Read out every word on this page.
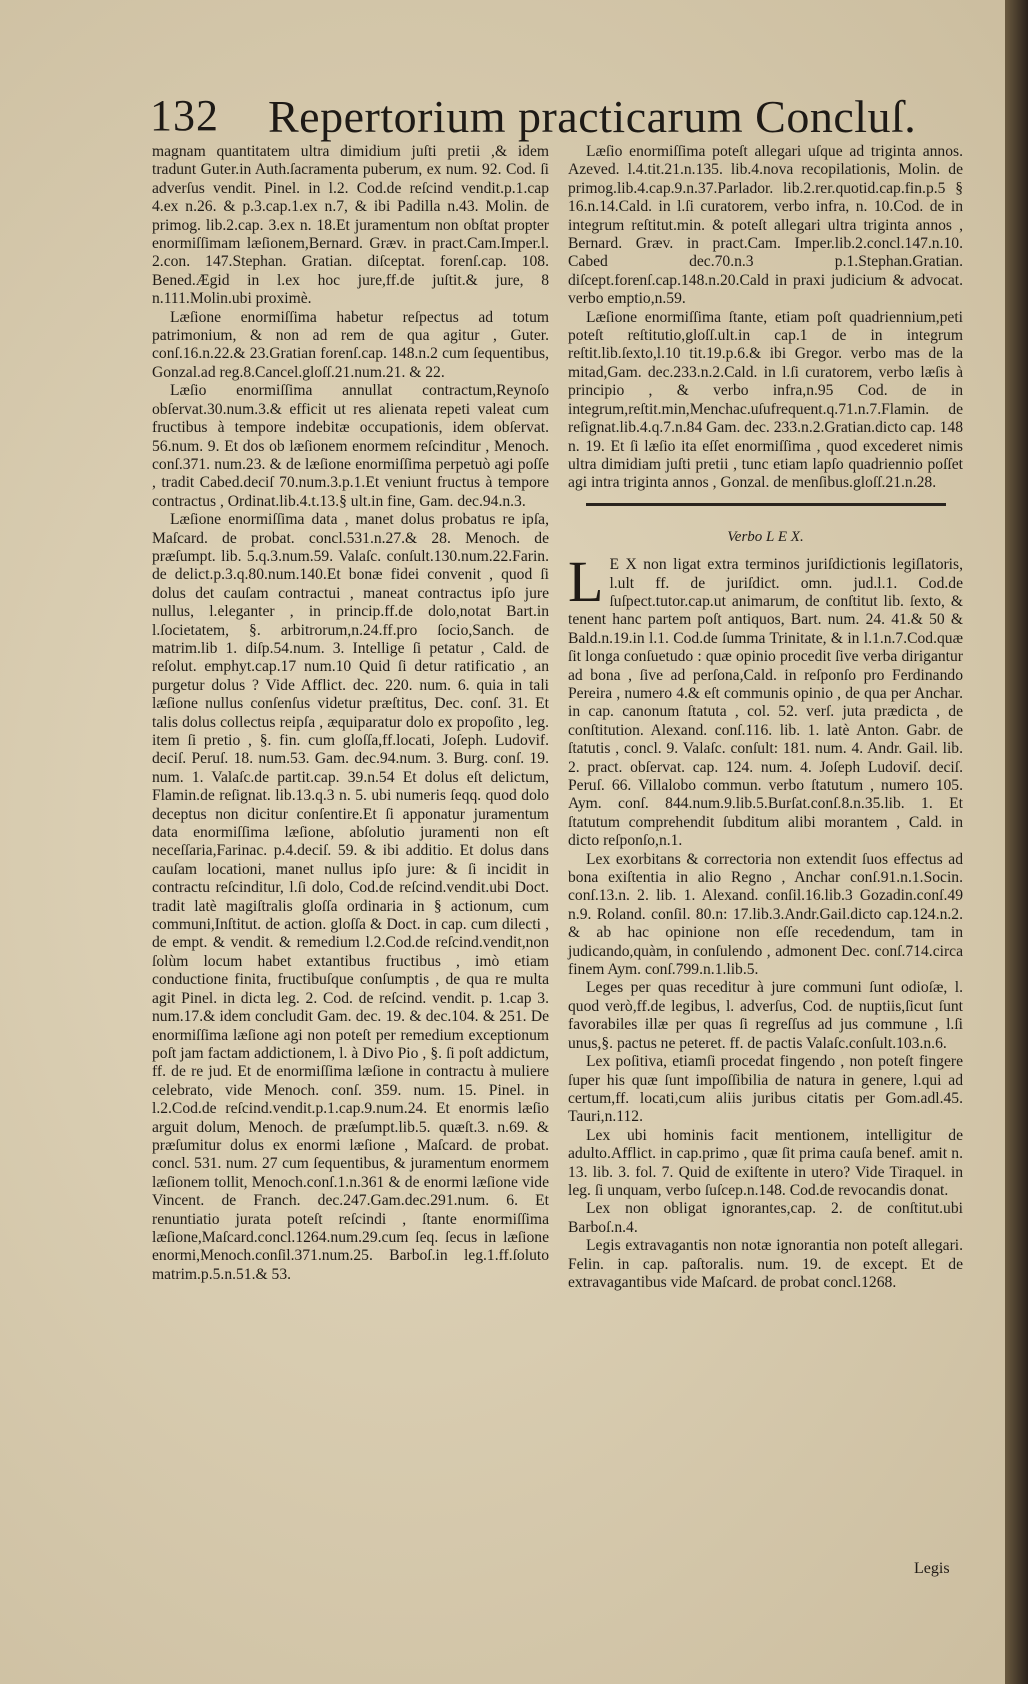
132 Repertorium practicarum Concluſ.

magnam quantitatem ultra dimidium juſti pretii ,& idem tradunt Guter.in Auth.ſacramenta puberum, ex num. 92. Cod. ſi adverſus vendit. Pinel. in l.2. Cod.de reſcind vendit.p.1.cap 4.ex n.26. & p.3.cap.1.ex n.7, & ibi Padilla n.43. Molin. de primog. lib.2.cap. 3.ex n. 18.Et juramentum non obſtat propter enormiſſimam læſionem,Bernard. Græv. in pract.Cam.Imper.l. 2.con. 147.Stephan. Gratian. diſceptat. forenſ.cap. 108. Bened.Ægid in l.ex hoc jure,ff.de juſtit.& jure, 8 n.111.Molin.ubi proximè.

Læſione enormiſſima habetur reſpectus ad totum patrimonium, & non ad rem de qua agitur , Guter. conſ.16.n.22.& 23.Gratian forenſ.cap. 148.n.2 cum ſequentibus, Gonzal.ad reg.8.Cancel.gloſſ.21.num.21. & 22.

Læſio enormiſſima annullat contractum,Reynoſo obſervat.30.num.3.& efficit ut res alienata repeti valeat cum fructibus à tempore indebitæ occupationis, idem obſervat. 56.num. 9. Et dos ob læſionem enormem reſcinditur , Menoch. conſ.371. num.23. & de læſione enormiſſima perpetuò agi poſſe , tradit Cabed.deciſ 70.num.3.p.1.Et veniunt fructus à tempore contractus , Ordinat.lib.4.t.13.§ ult.in fine, Gam. dec.94.n.3.

Læſione enormiſſima data , manet dolus probatus re ipſa, Maſcard. de probat. concl.531.n.27.& 28. Menoch. de præſumpt. lib. 5.q.3.num.59. Valaſc. conſult.130.num.22.Farin. de delict.p.3.q.80.num.140.Et bonæ fidei convenit , quod ſi dolus det cauſam contractui , maneat contractus ipſo jure nullus, l.eleganter , in princip.ff.de dolo,notat Bart.in l.ſocietatem, §. arbitrorum,n.24.ff.pro ſocio,Sanch. de matrim.lib 1. diſp.54.num. 3. Intellige ſi petatur , Cald. de reſolut. emphyt.cap.17 num.10 Quid ſi detur ratificatio , an purgetur dolus ? Vide Afflict. dec. 220. num. 6. quia in tali læſione nullus conſenſus videtur præſtitus, Dec. conſ. 31. Et talis dolus collectus reipſa , æquiparatur dolo ex propoſito , leg. item ſi pretio , §. fin. cum gloſſa,ff.locati, Joſeph. Ludovif. deciſ. Peruſ. 18. num.53. Gam. dec.94.num. 3. Burg. conſ. 19. num. 1. Valaſc.de partit.cap. 39.n.54 Et dolus eſt delictum, Flamin.de reſignat. lib.13.q.3 n. 5. ubi numeris ſeqq. quod dolo deceptus non dicitur conſentire.Et ſi apponatur juramentum data enormiſſima læſione, abſolutio juramenti non eſt neceſſaria,Farinac. p.4.deciſ. 59. & ibi additio. Et dolus dans cauſam locationi, manet nullus ipſo jure: & ſi incidit in contractu reſcinditur, l.ſi dolo, Cod.de reſcind.vendit.ubi Doct. tradit latè magiſtralis gloſſa ordinaria in § actionum, cum communi,Inſtitut. de action. gloſſa & Doct. in cap. cum dilecti , de empt. & vendit. & remedium l.2.Cod.de reſcind.vendit,non ſolùm locum habet extantibus fructibus , imò etiam conductione finita, fructibuſque conſumptis , de qua re multa agit Pinel. in dicta leg. 2. Cod. de reſcind. vendit. p. 1.cap 3. num.17.& idem concludit Gam. dec. 19. & dec.104. & 251. De enormiſſima læſione agi non poteſt per remedium exceptionum poſt jam factam addictionem, l. à Divo Pio , §. ſi poſt addictum, ff. de re jud. Et de enormiſſima læſione in contractu à muliere celebrato, vide Menoch. conſ. 359. num. 15. Pinel. in l.2.Cod.de reſcind.vendit.p.1.cap.9.num.24. Et enormis læſio arguit dolum, Menoch. de præſumpt.lib.5. quæſt.3. n.69. & præſumitur dolus ex enormi læſione , Maſcard. de probat. concl. 531. num. 27 cum ſequentibus, & juramentum enormem læſionem tollit, Menoch.conſ.1.n.361 & de enormi læſione vide Vincent. de Franch. dec.247.Gam.dec.291.num. 6. Et renuntiatio jurata poteſt reſcindi , ſtante enormiſſima læſione,Maſcard.concl.1264.num.29.cum ſeq. ſecus in læſione enormi,Menoch.conſil.371.num.25. Barboſ.in leg.1.ff.ſoluto matrim.p.5.n.51.& 53.

Læſio enormiſſima poteſt allegari uſque ad triginta annos. Azeved. l.4.tit.21.n.135. lib.4.nova recopilationis, Molin. de primog.lib.4.cap.9.n.37.Parlador. lib.2.rer.quotid.cap.fin.p.5 § 16.n.14.Cald. in l.ſi curatorem, verbo infra, n. 10.Cod. de in integrum reſtitut.min. & poteſt allegari ultra triginta annos , Bernard. Græv. in pract.Cam. Imper.lib.2.concl.147.n.10. Cabed dec.70.n.3 p.1.Stephan.Gratian. diſcept.forenſ.cap.148.n.20.Cald in praxi judicium & advocat. verbo emptio,n.59.

Læſione enormiſſima ſtante, etiam poſt quadriennium,peti poteſt reſtitutio,gloſſ.ult.in cap.1 de in integrum reſtit.lib.ſexto,l.10 tit.19.p.6.& ibi Gregor. verbo mas de la mitad,Gam. dec.233.n.2.Cald. in l.ſi curatorem, verbo læſis à principio , & verbo infra,n.95 Cod. de in integrum,reſtit.min,Menchac.uſufrequent.q.71.n.7.Flamin. de reſignat.lib.4.q.7.n.84 Gam. dec. 233.n.2.Gratian.dicto cap. 148 n. 19. Et ſi læſio ita eſſet enormiſſima , quod excederet nimis ultra dimidiam juſti pretii , tunc etiam lapſo quadriennio poſſet agi intra triginta annos , Gonzal. de menſibus.gloſſ.21.n.28.

Verbo L E X.

L E X non ligat extra terminos juriſdictionis legiſlatoris, l.ult ff. de juriſdict. omn. jud.l.1. Cod.de ſuſpect.tutor.cap.ut animarum, de conſtitut lib. ſexto, & tenent hanc partem poſt antiquos, Bart. num. 24. 41.& 50 & Bald.n.19.in l.1. Cod.de ſumma Trinitate, & in l.1.n.7.Cod.quæ ſit longa conſuetudo : quæ opinio procedit ſive verba dirigantur ad bona , ſive ad perſona,Cald. in reſponſo pro Ferdinando Pereira , numero 4.& eſt communis opinio , de qua per Anchar. in cap. canonum ſtatuta , col. 52. verſ. juta prædicta , de conſtitution. Alexand. conſ.116. lib. 1. latè Anton. Gabr. de ſtatutis , concl. 9. Valaſc. conſult: 181. num. 4. Andr. Gail. lib. 2. pract. obſervat. cap. 124. num. 4. Joſeph Ludoviſ. deciſ. Peruſ. 66. Villalobo commun. verbo ſtatutum , numero 105. Aym. conſ. 844.num.9.lib.5.Burſat.conſ.8.n.35.lib. 1. Et ſtatutum comprehendit ſubditum alibi morantem , Cald. in dicto reſponſo,n.1.

Lex exorbitans & correctoria non extendit ſuos effectus ad bona exiſtentia in alio Regno , Anchar conſ.91.n.1.Socin. conſ.13.n. 2. lib. 1. Alexand. conſil.16.lib.3 Gozadin.conſ.49 n.9. Roland. conſil. 80.n: 17.lib.3.Andr.Gail.dicto cap.124.n.2. & ab hac opinione non eſſe recedendum, tam in judicando,quàm, in conſulendo , admonent Dec. conſ.714.circa finem Aym. conſ.799.n.1.lib.5.

Leges per quas receditur à jure communi ſunt odioſæ, l. quod verò,ff.de legibus, l. adverſus, Cod. de nuptiis,ſicut ſunt favorabiles illæ per quas ſi regreſſus ad jus commune , l.ſi unus,§. pactus ne peteret. ff. de pactis Valaſc.conſult.103.n.6.

Lex poſitiva, etiamſi procedat fingendo , non poteſt fingere ſuper his quæ ſunt impoſſibilia de natura in genere, l.qui ad certum,ff. locati,cum aliis juribus citatis per Gom.adl.45. Tauri,n.112.

Lex ubi hominis facit mentionem, intelligitur de adulto.Afflict. in cap.primo , quæ ſit prima cauſa benef. amit n. 13. lib. 3. fol. 7. Quid de exiſtente in utero? Vide Tiraquel. in leg. ſi unquam, verbo ſuſcep.n.148. Cod.de revocandis donat.

Lex non obligat ignorantes,cap. 2. de conſtitut.ubi Barboſ.n.4.

Legis extravagantis non notæ ignorantia non poteſt allegari. Felin. in cap. paſtoralis. num. 19. de except. Et de extravagantibus vide Maſcard. de probat concl.1268.

Legis
